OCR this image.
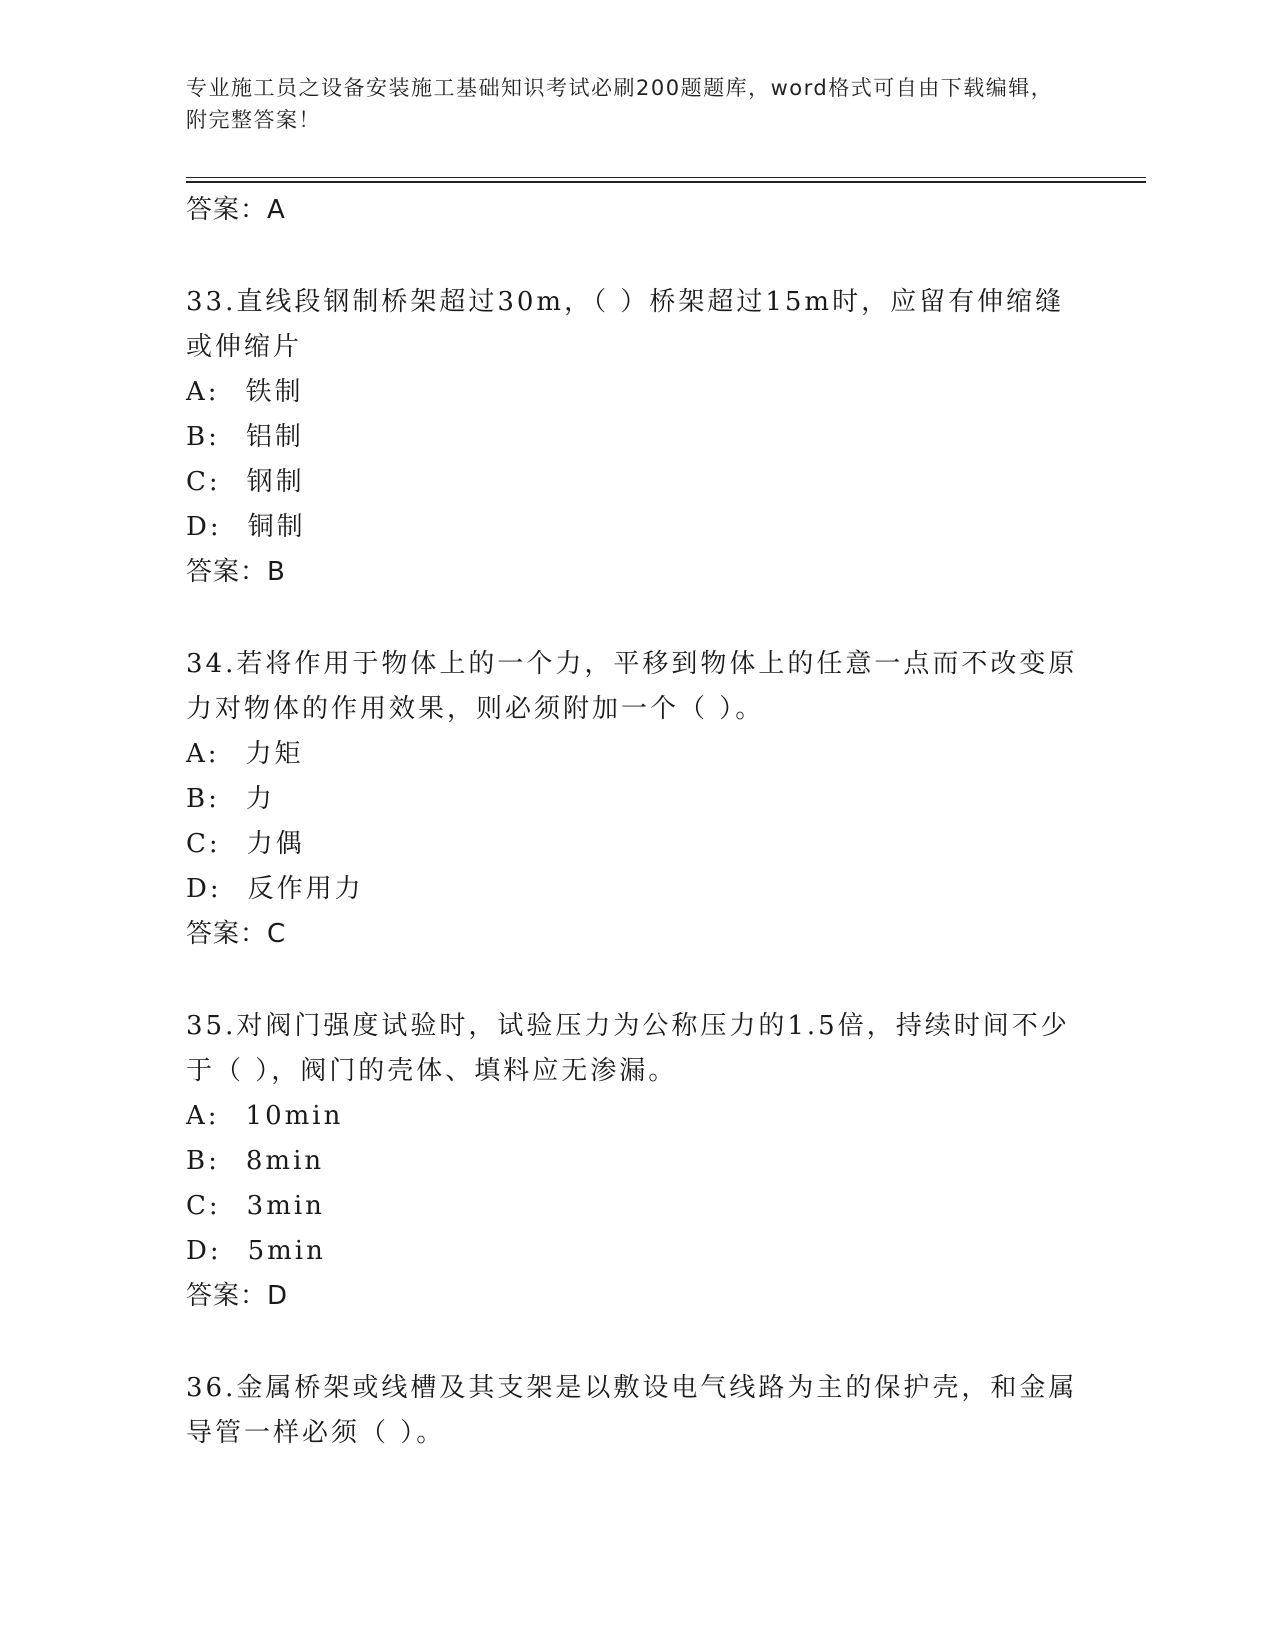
专业施工员之设备安装施工基础知识考试必刷200题题库，word格式可自由下载编辑，附完整答案！
答案：A
33.直线段钢制桥架超过30m，（ ）桥架超过15m时，应留有伸缩缝或伸缩片
A: 铁制
B: 铝制
C: 钢制
D: 铜制
答案：B
34.若将作用于物体上的一个力，平移到物体上的任意一点而不改变原力对物体的作用效果，则必须附加一个（ ）。
A: 力矩
B: 力
C: 力偶
D: 反作用力
答案：C
35.对阀门强度试验时，试验压力为公称压力的1.5倍，持续时间不少于（ ），阀门的壳体、填料应无渗漏。
A: 10min
B: 8min
C: 3min
D: 5min
答案：D
36.金属桥架或线槽及其支架是以敷设电气线路为主的保护壳，和金属导管一样必须（ ）。
